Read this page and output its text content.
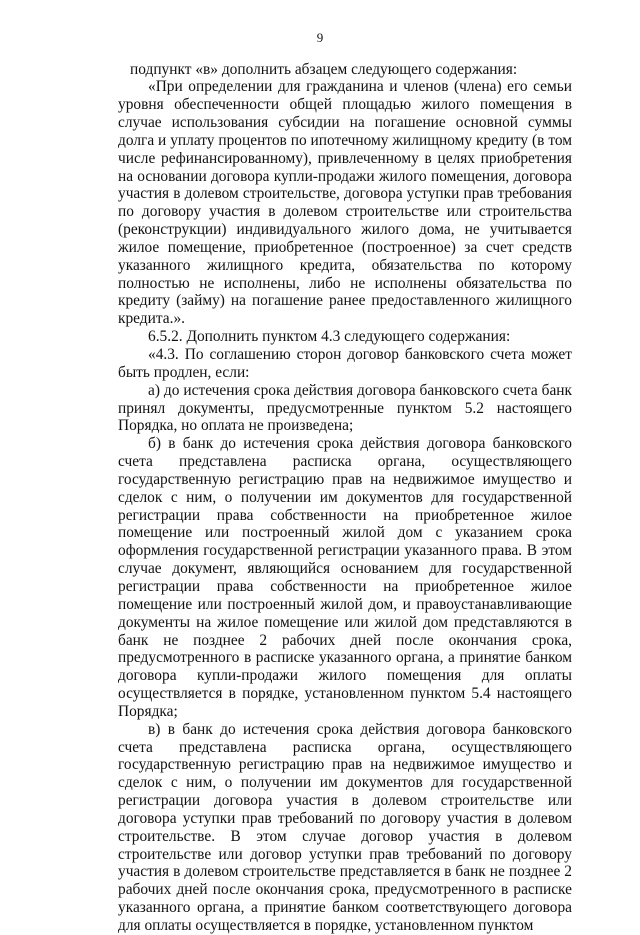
9

подпункт «в» дополнить абзацем следующего содержания:

«При определении для гражданина и членов (члена) его семьи уровня обеспеченности общей площадью жилого помещения в случае использования субсидии на погашение основной суммы долга и уплату процентов по ипотечному жилищному кредиту (в том числе рефинансированному), привлеченному в целях приобретения на основании договора купли-продажи жилого помещения, договора участия в долевом строительстве, договора уступки прав требования по договору участия в долевом строительстве или строительства (реконструкции) индивидуального жилого дома, не учитывается жилое помещение, приобретенное (построенное) за счет средств указанного жилищного кредита, обязательства по которому полностью не исполнены, либо не исполнены обязательства по кредиту (займу) на погашение ранее предоставленного жилищного кредита.».

6.5.2. Дополнить пунктом 4.3 следующего содержания:

«4.3. По соглашению сторон договор банковского счета может быть продлен, если:

а) до истечения срока действия договора банковского счета банк принял документы, предусмотренные пунктом 5.2 настоящего Порядка, но оплата не произведена;

б) в банк до истечения срока действия договора банковского счета представлена расписка органа, осуществляющего государственную регистрацию прав на недвижимое имущество и сделок с ним, о получении им документов для государственной регистрации права собственности на приобретенное жилое помещение или построенный жилой дом с указанием срока оформления государственной регистрации указанного права. В этом случае документ, являющийся основанием для государственной регистрации права собственности на приобретенное жилое помещение или построенный жилой дом, и правоустанавливающие документы на жилое помещение или жилой дом представляются в банк не позднее 2 рабочих дней после окончания срока, предусмотренного в расписке указанного органа, а принятие банком договора купли-продажи жилого помещения для оплаты осуществляется в порядке, установленном пунктом 5.4 настоящего Порядка;

в) в банк до истечения срока действия договора банковского счета представлена расписка органа, осуществляющего государственную регистрацию прав на недвижимое имущество и сделок с ним, о получении им документов для государственной регистрации договора участия в долевом строительстве или договора уступки прав требований по договору участия в долевом строительстве. В этом случае договор участия в долевом строительстве или договор уступки прав требований по договору участия в долевом строительстве представляется в банк не позднее 2 рабочих дней после окончания срока, предусмотренного в расписке указанного органа, а принятие банком соответствующего договора для оплаты осуществляется в порядке, установленном пунктом
